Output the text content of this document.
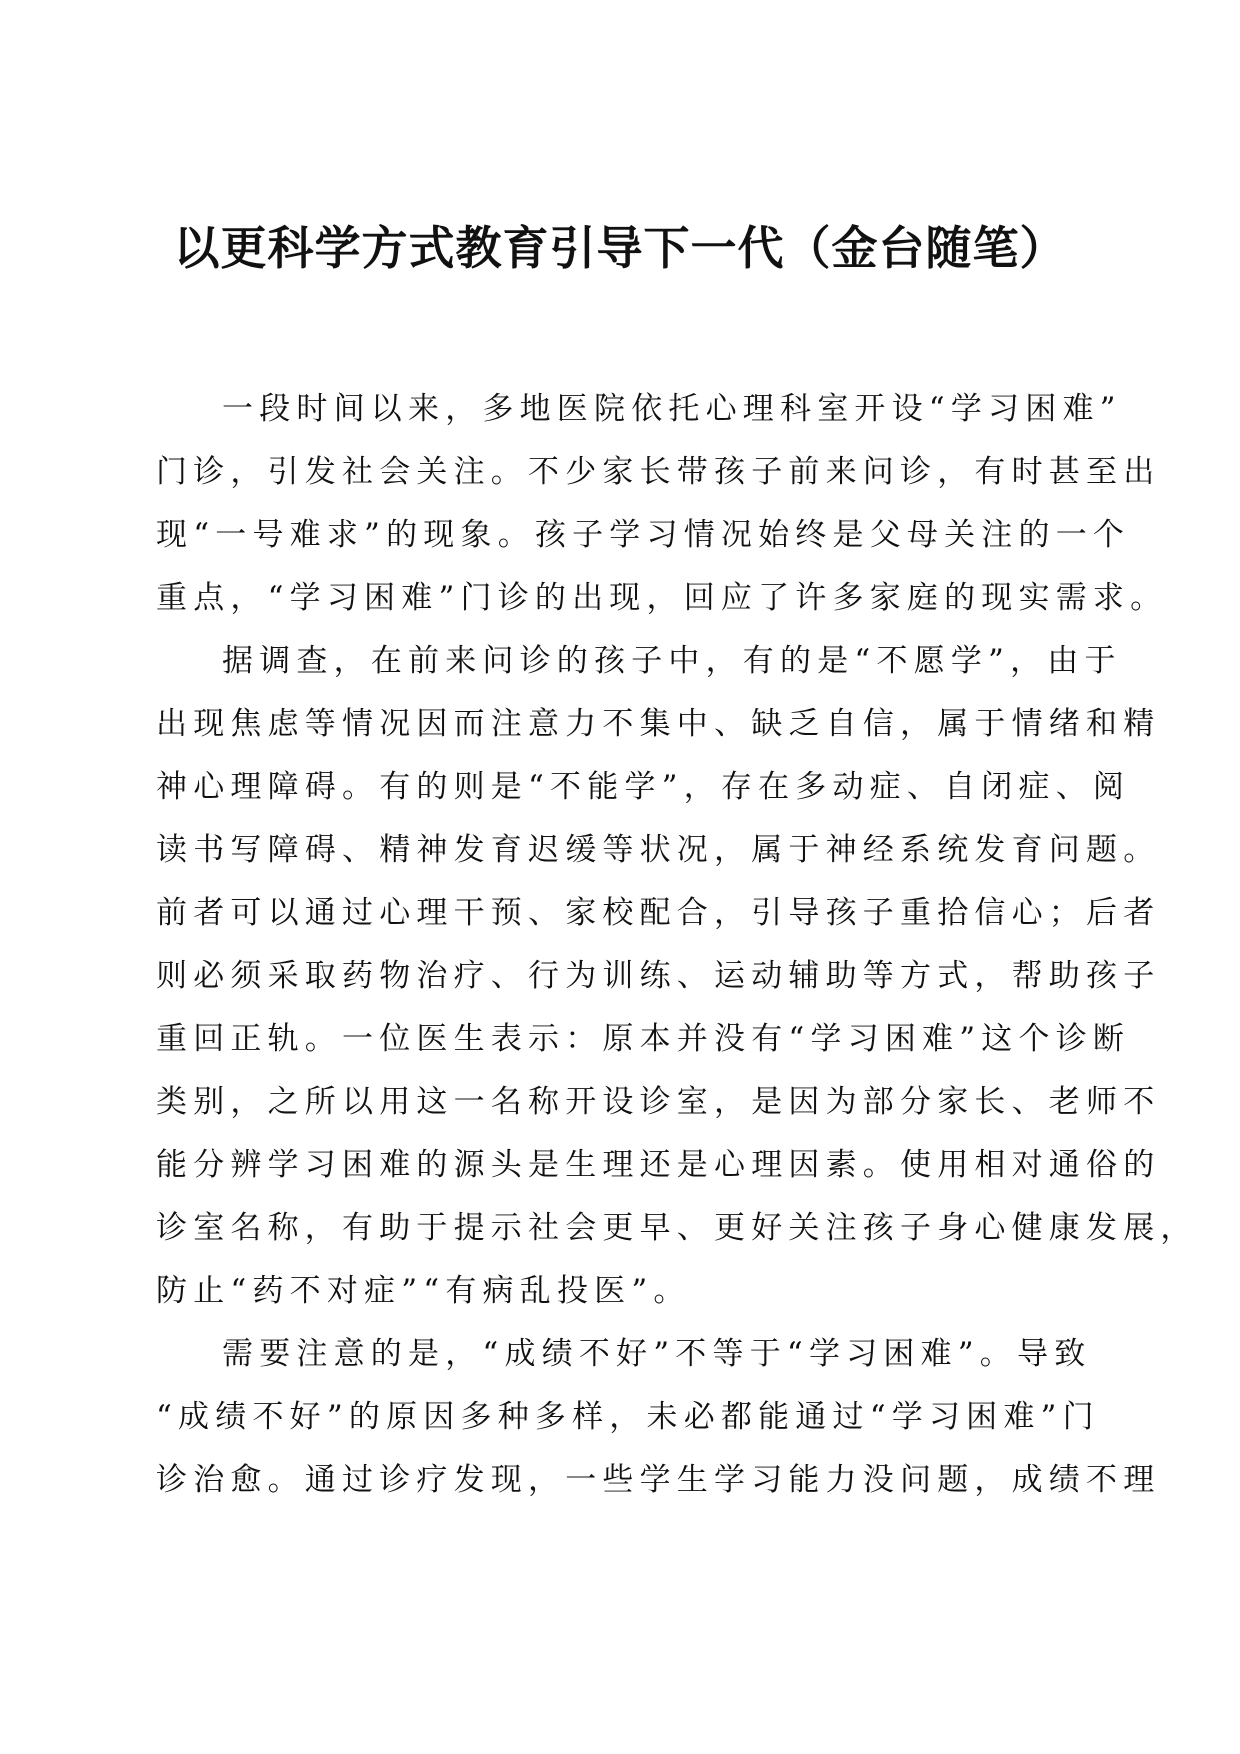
以更科学方式教育引导下一代（金台随笔）
一段时间以来，多地医院依托心理科室开设“学习困难”
门诊，引发社会关注。不少家长带孩子前来问诊，有时甚至出
现“一号难求”的现象。孩子学习情况始终是父母关注的一个
重点，“学习困难”门诊的出现，回应了许多家庭的现实需求。
据调查，在前来问诊的孩子中，有的是“不愿学”，由于
出现焦虑等情况因而注意力不集中、缺乏自信，属于情绪和精
神心理障碍。有的则是“不能学”，存在多动症、自闭症、阅
读书写障碍、精神发育迟缓等状况，属于神经系统发育问题。
前者可以通过心理干预、家校配合，引导孩子重拾信心；后者
则必须采取药物治疗、行为训练、运动辅助等方式，帮助孩子
重回正轨。一位医生表示：原本并没有“学习困难”这个诊断
类别，之所以用这一名称开设诊室，是因为部分家长、老师不
能分辨学习困难的源头是生理还是心理因素。使用相对通俗的
诊室名称，有助于提示社会更早、更好关注孩子身心健康发展，
防止“药不对症”“有病乱投医”。
需要注意的是，“成绩不好”不等于“学习困难”。导致
“成绩不好”的原因多种多样，未必都能通过“学习困难”门
诊治愈。通过诊疗发现，一些学生学习能力没问题，成绩不理
